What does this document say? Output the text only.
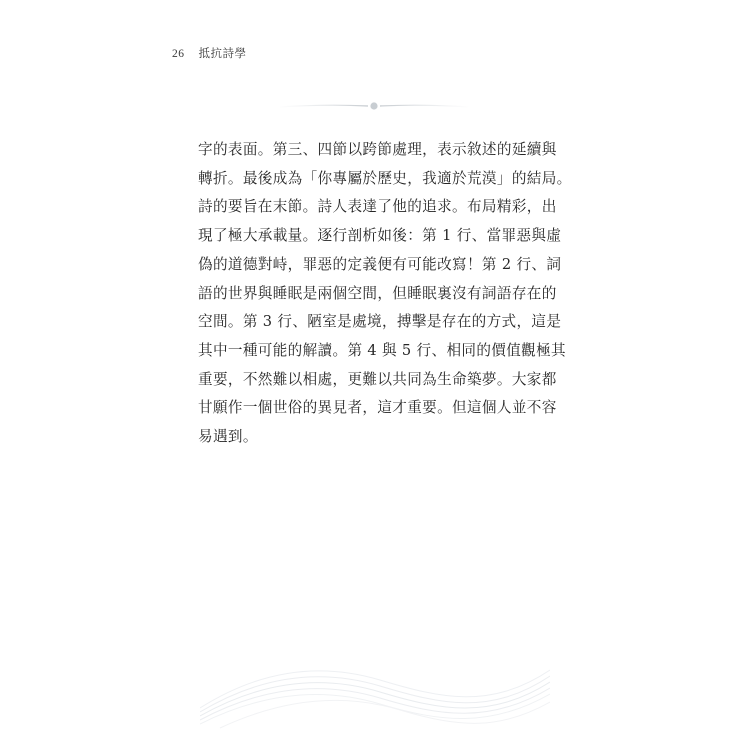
26 抵抗詩學
字的表面。第三、四節以跨節處理，表示敘述的延續與
轉折。最後成為「你專屬於歷史，我適於荒漠」的結局。
詩的要旨在末節。詩人表達了他的追求。布局精彩，出
現了極大承載量。逐行剖析如後：第 1 行、當罪惡與虛
偽的道德對峙，罪惡的定義便有可能改寫！第 2 行、詞
語的世界與睡眠是兩個空間，但睡眠裏沒有詞語存在的
空間。第 3 行、陋室是處境，搏擊是存在的方式，這是
其中一種可能的解讀。第 4 與 5 行、相同的價值觀極其
重要，不然難以相處，更難以共同為生命築夢。大家都
甘願作一個世俗的異見者，這才重要。但這個人並不容
易遇到。
